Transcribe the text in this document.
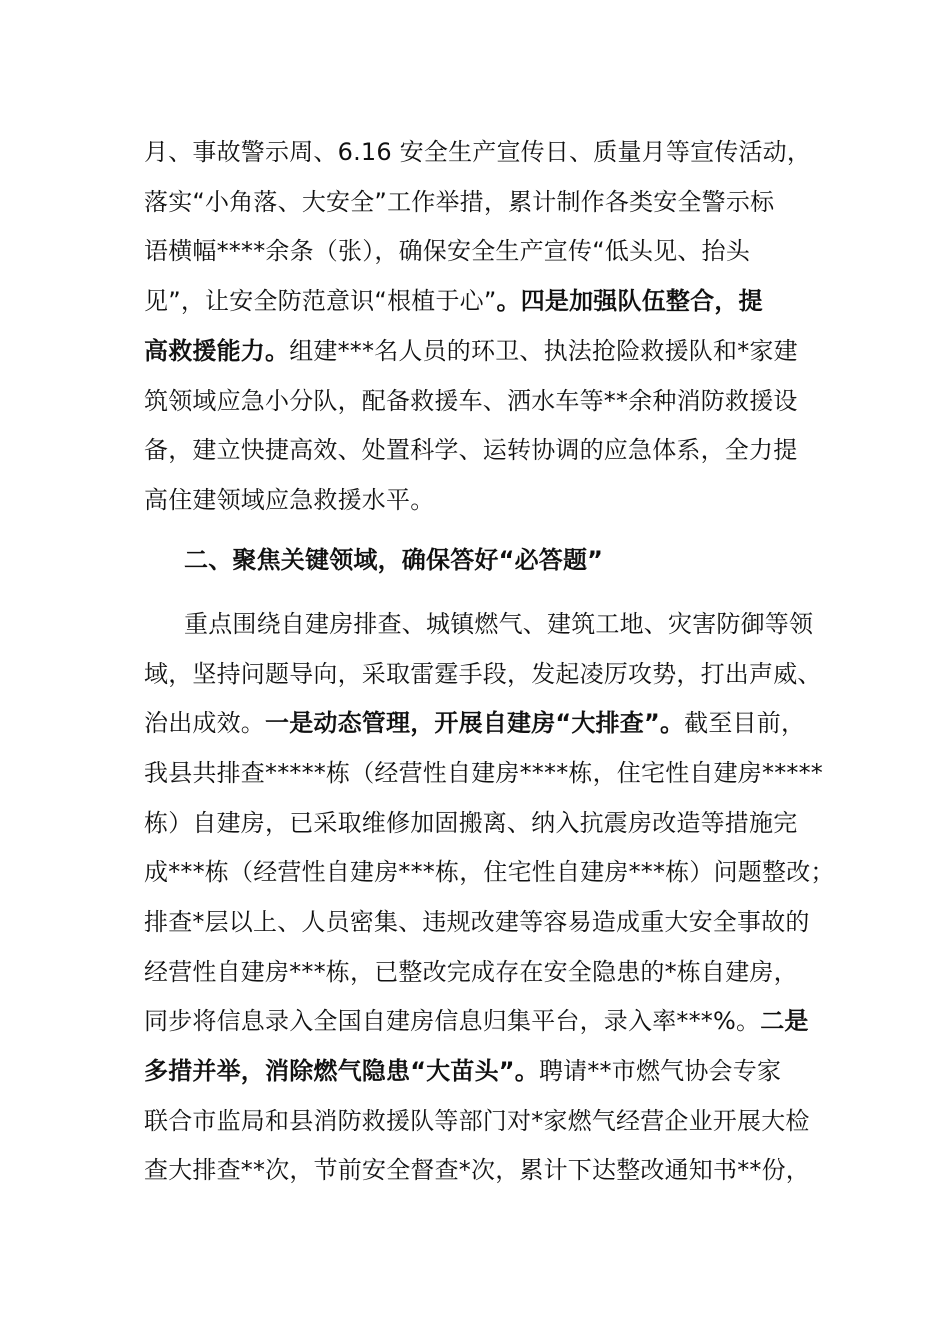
月、事故警示周、6.16 安全生产宣传日、质量月等宣传活动，
落实“小角落、大安全”工作举措，累计制作各类安全警示标
语横幅****余条（张），确保安全生产宣传“低头见、抬头
见”，让安全防范意识“根植于心”。四是加强队伍整合，提
高救援能力。组建***名人员的环卫、执法抢险救援队和*家建
筑领域应急小分队，配备救援车、洒水车等**余种消防救援设
备，建立快捷高效、处置科学、运转协调的应急体系，全力提
高住建领域应急救援水平。
二、聚焦关键领域，确保答好“必答题”
重点围绕自建房排查、城镇燃气、建筑工地、灾害防御等领
域，坚持问题导向，采取雷霆手段，发起凌厉攻势，打出声威、
治出成效。一是动态管理，开展自建房“大排查”。截至目前，
我县共排查*****栋（经营性自建房****栋，住宅性自建房*****
栋）自建房，已采取维修加固搬离、纳入抗震房改造等措施完
成***栋（经营性自建房***栋，住宅性自建房***栋）问题整改；
排查*层以上、人员密集、违规改建等容易造成重大安全事故的
经营性自建房***栋，已整改完成存在安全隐患的*栋自建房，
同步将信息录入全国自建房信息归集平台，录入率***%。二是
多措并举，消除燃气隐患“大苗头”。聘请**市燃气协会专家
联合市监局和县消防救援队等部门对*家燃气经营企业开展大检
查大排查**次，节前安全督查*次，累计下达整改通知书**份，
